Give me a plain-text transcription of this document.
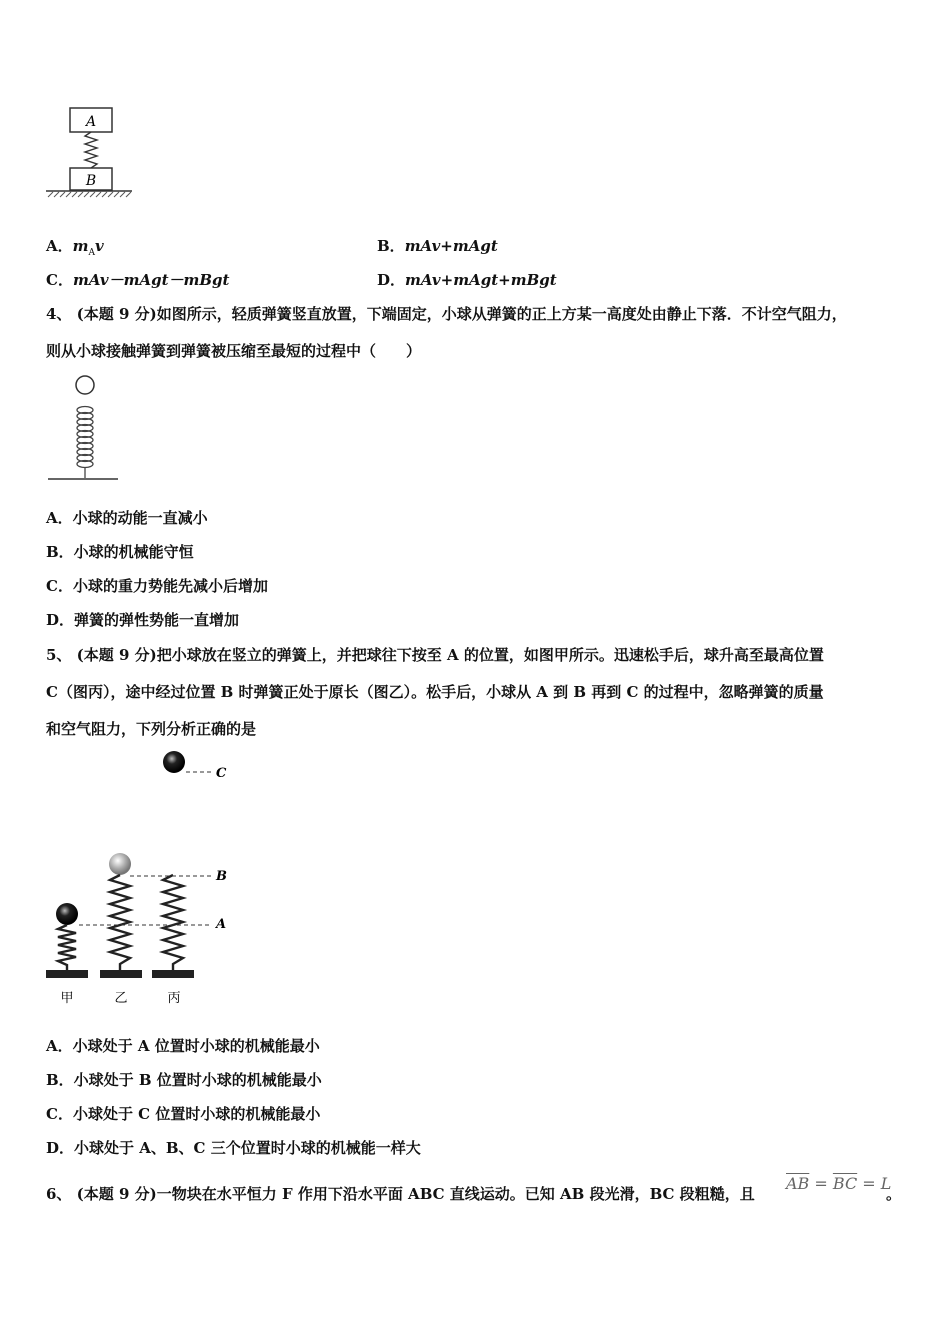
A
B
A．$m_Av$	B．mAv+mAgt
C．mAv－mAgt－mBgt	D．mAv+mAgt+mBgt
4、 (本题 9 分)如图所示，轻质弹簧竖直放置，下端固定，小球从弹簧的正上方某一高度处由静止下落．不计空气阻力，
则从小球接触弹簧到弹簧被压缩至最短的过程中（　　）
A．小球的动能一直减小
B．小球的机械能守恒
C．小球的重力势能先减小后增加
D．弹簧的弹性势能一直增加
5、 (本题 9 分)把小球放在竖立的弹簧上，并把球往下按至 A 的位置，如图甲所示。迅速松手后，球升高至最高位置
C（图丙），途中经过位置 B 时弹簧正处于原长（图乙）。松手后，小球从 A 到 B 再到 C 的过程中，忽略弹簧的质量
和空气阻力，下列分析正确的是
C
B
A
甲	乙	丙
A．小球处于 A 位置时小球的机械能最小
B．小球处于 B 位置时小球的机械能最小
C．小球处于 C 位置时小球的机械能最小
D．小球处于 A、B、C 三个位置时小球的机械能一样大
6、 (本题 9 分)一物块在水平恒力 F 作用下沿水平面 ABC 直线运动。已知 AB 段光滑，BC 段粗糙，且
$\overline{AB} = \overline{BC} = L$
。
